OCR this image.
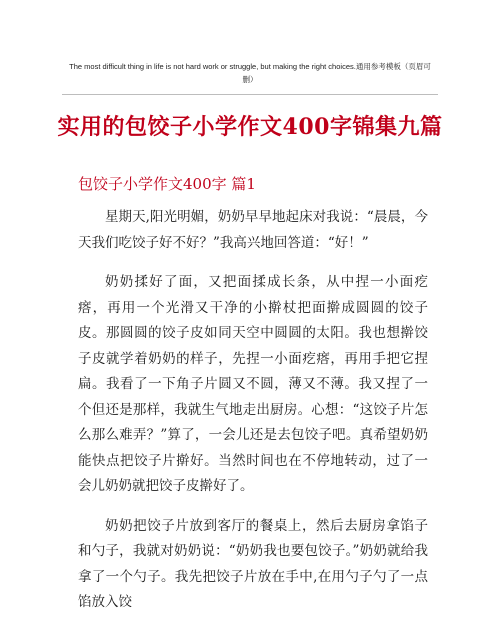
The most difficult thing in life is not hard work or struggle, but making the right choices.通用参考模板（页眉可
删）
实用的包饺子小学作文400字锦集九篇
包饺子小学作文400字 篇1

星期天,阳光明媚，奶奶早早地起床对我说：“晨晨，今天我们吃饺子好不好？”我高兴地回答道：“好！”

奶奶揉好了面，又把面揉成长条，从中捏一小面疙瘩，再用一个光滑又干净的小擀杖把面擀成圆圆的饺子皮。那圆圆的饺子皮如同天空中圆圆的太阳。我也想擀饺子皮就学着奶奶的样子，先捏一小面疙瘩，再用手把它捏扁。我看了一下角子片圆又不圆，薄又不薄。我又捏了一个但还是那样，我就生气地走出厨房。心想：“这饺子片怎么那么难弄？”算了，一会儿还是去包饺子吧。真希望奶奶能快点把饺子片擀好。当然时间也在不停地转动，过了一会儿奶奶就把饺子皮擀好了。

奶奶把饺子片放到客厅的餐桌上，然后去厨房拿馅子和勺子，我就对奶奶说：“奶奶我也要包饺子。”奶奶就给我拿了一个勺子。我先把饺子片放在手中,在用勺子勺了一点馅放入饺
